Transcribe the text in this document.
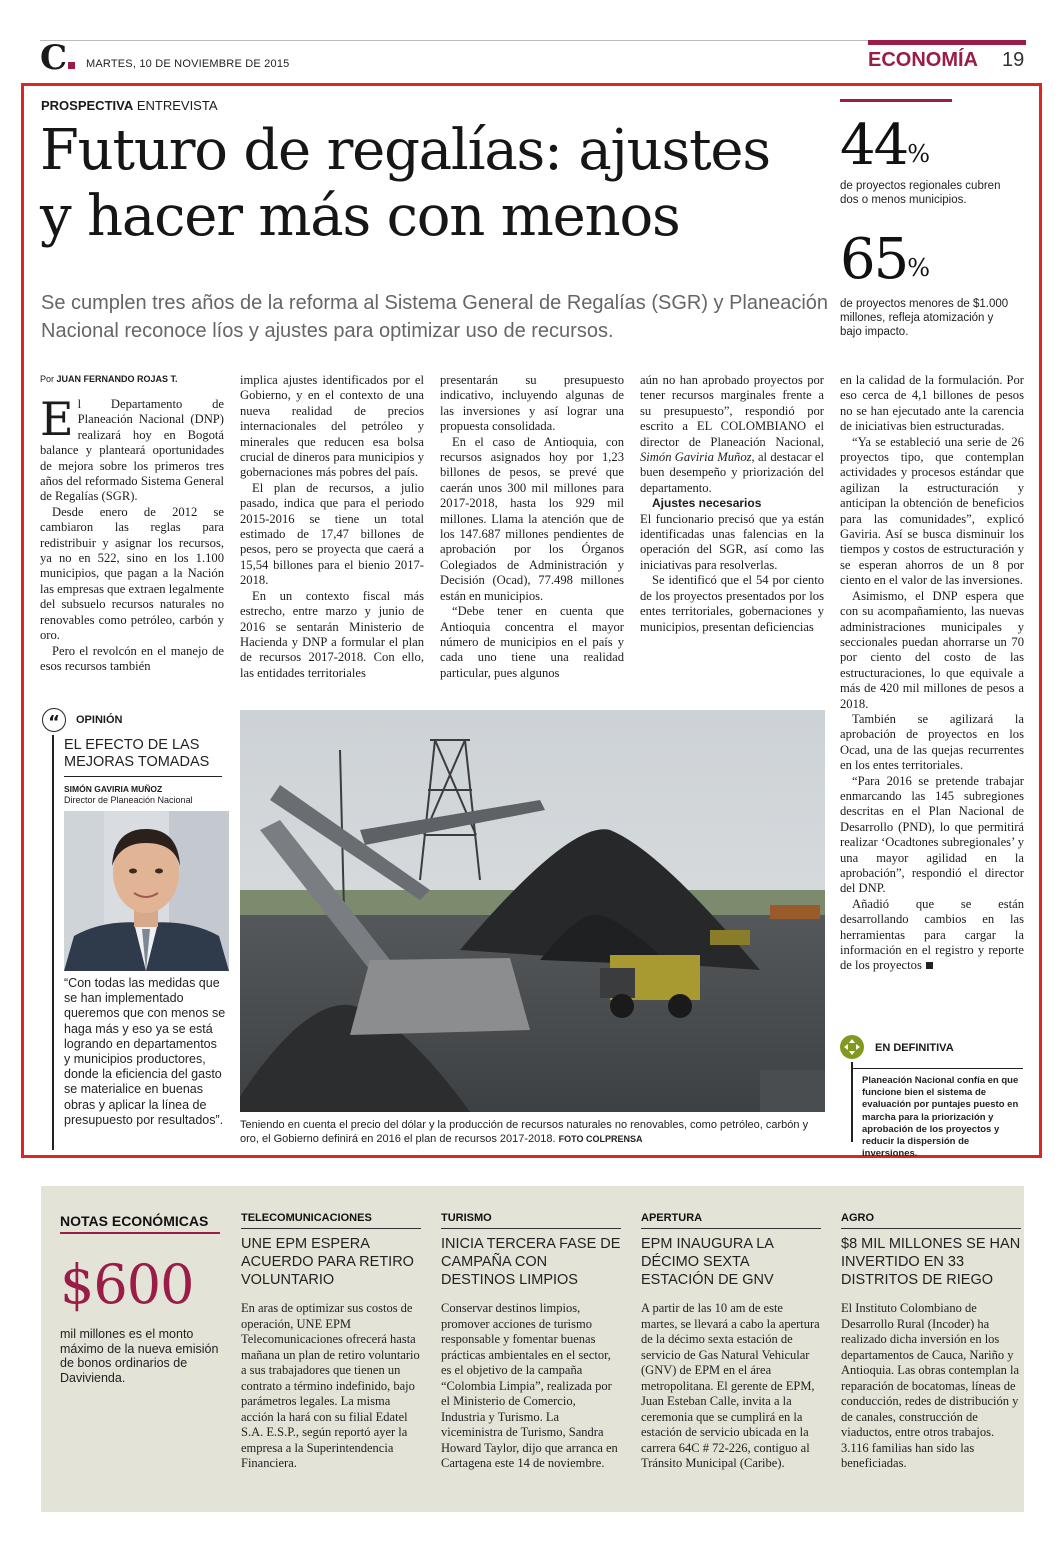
C	MARTES, 10 DE NOVIEMBRE DE 2015	ECONOMÍA 19
PROSPECTIVA ENTREVISTA
Futuro de regalías: ajustes
y hacer más con menos
Se cumplen tres años de la reforma al Sistema General de Regalías (SGR) y Planeación Nacional reconoce líos y ajustes para optimizar uso de recursos.
44%
de proyectos regionales cubren dos o menos municipios.
65%
de proyectos menores de $1.000 millones, refleja atomización y bajo impacto.
Por JUAN FERNANDO ROJAS T.

El Departamento de Planeación Nacional (DNP) realizará hoy en Bogotá balance y planteará oportunidades de mejora sobre los primeros tres años del reformado Sistema General de Regalías (SGR).

Desde enero de 2012 se cambiaron las reglas para redistribuir y asignar los recursos, ya no en 522, sino en los 1.100 municipios, que pagan a la Nación las empresas que extraen legalmente del subsuelo recursos naturales no renovables como petróleo, carbón y oro.

Pero el revolcón en el manejo de esos recursos también

implica ajustes identificados por el Gobierno, y en el contexto de una nueva realidad de precios internacionales del petróleo y minerales que reducen esa bolsa crucial de dineros para municipios y gobernaciones más pobres del país.

El plan de recursos, a julio pasado, indica que para el periodo 2015-2016 se tiene un total estimado de 17,47 billones de pesos, pero se proyecta que caerá a 15,54 billones para el bienio 2017-2018.

En un contexto fiscal más estrecho, entre marzo y junio de 2016 se sentarán Ministerio de Hacienda y DNP a formular el plan de recursos 2017-2018. Con ello, las entidades territoriales

presentarán su presupuesto indicativo, incluyendo algunas de las inversiones y así lograr una propuesta consolidada.

En el caso de Antioquia, con recursos asignados hoy por 1,23 billones de pesos, se prevé que caerán unos 300 mil millones para 2017-2018, hasta los 929 mil millones. Llama la atención que de los 147.687 millones pendientes de aprobación por los Órganos Colegiados de Administración y Decisión (Ocad), 77.498 millones están en municipios.

“Debe tener en cuenta que Antioquia concentra el mayor número de municipios en el país y cada uno tiene una realidad particular, pues algunos

aún no han aprobado proyectos por tener recursos marginales frente a su presupuesto”, respondió por escrito a EL COLOMBIANO el director de Planeación Nacional, Simón Gaviria Muñoz, al destacar el buen desempeño y priorización del departamento.

Ajustes necesarios

El funcionario precisó que ya están identificadas unas falencias en la operación del SGR, así como las iniciativas para resolverlas.

Se identificó que el 54 por ciento de los proyectos presentados por los entes territoriales, gobernaciones y municipios, presentan deficiencias

en la calidad de la formulación. Por eso cerca de 4,1 billones de pesos no se han ejecutado ante la carencia de iniciativas bien estructuradas.

“Ya se estableció una serie de 26 proyectos tipo, que contemplan actividades y procesos estándar que agilizan la estructuración y anticipan la obtención de beneficios para las comunidades”, explicó Gaviria. Así se busca disminuir los tiempos y costos de estructuración y se esperan ahorros de un 8 por ciento en el valor de las inversiones.

Asimismo, el DNP espera que con su acompañamiento, las nuevas administraciones municipales y seccionales puedan ahorrarse un 70 por ciento del costo de las estructuraciones, lo que equivale a más de 420 mil millones de pesos a 2018.

También se agilizará la aprobación de proyectos en los Ocad, una de las quejas recurrentes en los entes territoriales.

“Para 2016 se pretende trabajar enmarcando las 145 subregiones descritas en el Plan Nacional de Desarrollo (PND), lo que permitirá realizar ‘Ocadtones subregionales’ y una mayor agilidad en la aprobación”, respondió el director del DNP.

Añadió que se están desarrollando cambios en las herramientas para cargar la información en el registro y reporte de los proyectos

“	OPINIÓN
EL EFECTO DE LAS MEJORAS TOMADAS
SIMÓN GAVIRIA MUÑOZ
Director de Planeación Nacional
“Con todas las medidas que se han implementado queremos que con menos se haga más y eso ya se está logrando en departamentos y municipios productores, donde la eficiencia del gasto se materialice en buenas obras y aplicar la línea de presupuesto por resultados”. Teniendo en cuenta el precio del dólar y la producción de recursos naturales no renovables, como petróleo, carbón y oro, el Gobierno definirá en 2016 el plan de recursos 2017-2018. FOTO COLPRENSA
EN DEFINITIVA
Planeación Nacional confía en que funcione bien el sistema de evaluación por puntajes puesto en marcha para la priorización y aprobación de los proyectos y reducir la dispersión de inversiones.
NOTAS ECONÓMICAS
$600
mil millones es el monto máximo de la nueva emisión de bonos ordinarios de Davivienda.
TELECOMUNICACIONES
UNE EPM ESPERA ACUERDO PARA RETIRO VOLUNTARIO
En aras de optimizar sus costos de operación, UNE EPM Telecomunicaciones ofrecerá hasta mañana un plan de retiro voluntario a sus trabajadores que tienen un contrato a término indefinido, bajo parámetros legales. La misma acción la hará con su filial Edatel S.A. E.S.P., según reportó ayer la empresa a la Superintendencia Financiera.
TURISMO
INICIA TERCERA FASE DE CAMPAÑA CON DESTINOS LIMPIOS
Conservar destinos limpios, promover acciones de turismo responsable y fomentar buenas prácticas ambientales en el sector, es el objetivo de la campaña “Colombia Limpia”, realizada por el Ministerio de Comercio, Industria y Turismo. La viceministra de Turismo, Sandra Howard Taylor, dijo que arranca en Cartagena este 14 de noviembre.
APERTURA
EPM INAUGURA LA DÉCIMO SEXTA ESTACIÓN DE GNV
A partir de las 10 am de este martes, se llevará a cabo la apertura de la décimo sexta estación de servicio de Gas Natural Vehicular (GNV) de EPM en el área metropolitana. El gerente de EPM, Juan Esteban Calle, invita a la ceremonia que se cumplirá en la estación de servicio ubicada en la carrera 64C # 72-226, contiguo al Tránsito Municipal (Caribe).
AGRO
$8 MIL MILLONES SE HAN INVERTIDO EN 33 DISTRITOS DE RIEGO
El Instituto Colombiano de Desarrollo Rural (Incoder) ha realizado dicha inversión en los departamentos de Cauca, Nariño y Antioquia. Las obras contemplan la reparación de bocatomas, líneas de conducción, redes de distribución y de canales, construcción de viaductos, entre otros trabajos. 3.116 familias han sido las beneficiadas.
